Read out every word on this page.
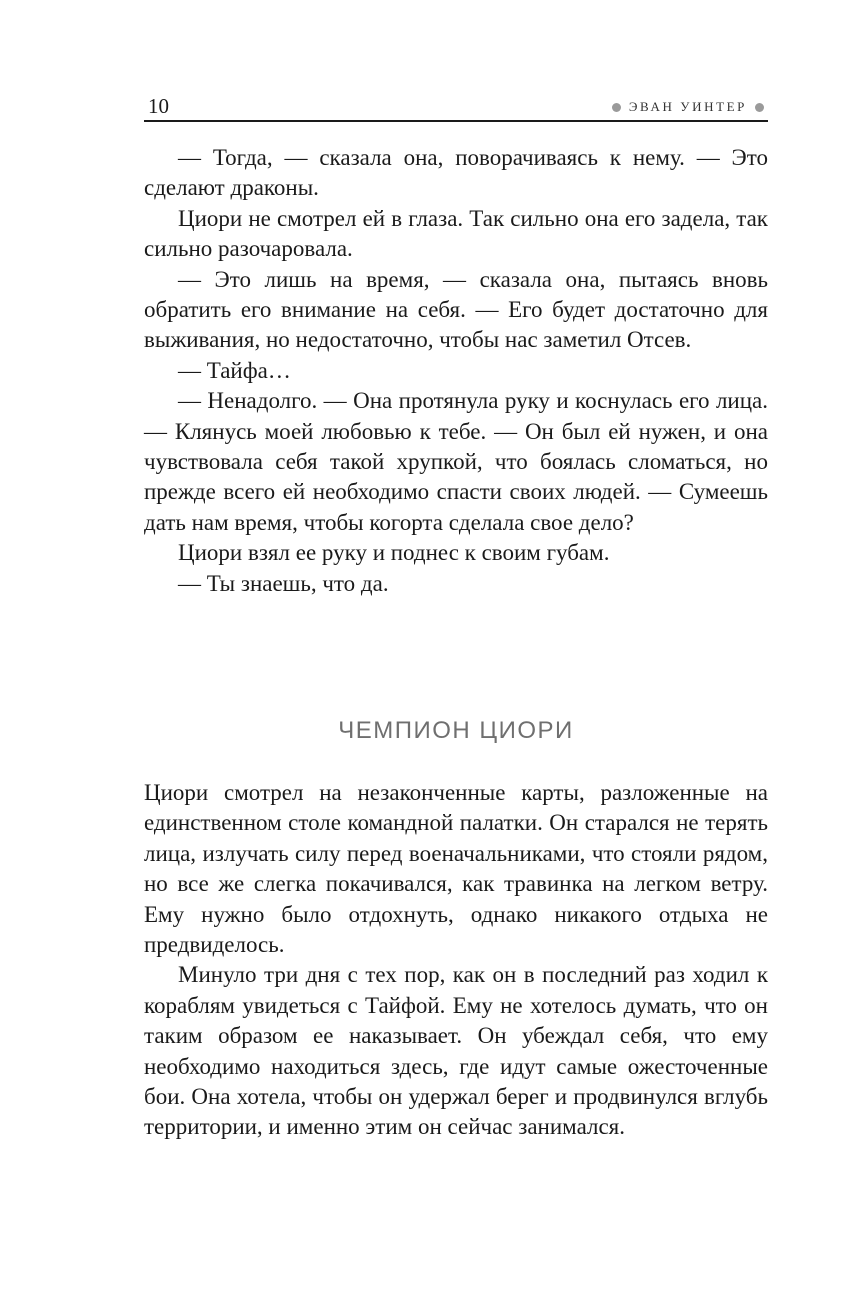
10	ЭВАН УИНТЕР

— Тогда, — сказала она, поворачиваясь к нему. — Это сделают драконы.

Циори не смотрел ей в глаза. Так сильно она его задела, так сильно разочаровала.

— Это лишь на время, — сказала она, пытаясь вновь обратить его внимание на себя. — Его будет достаточно для выживания, но недостаточно, чтобы нас заметил Отсев.

— Тайфа…

— Ненадолго. — Она протянула руку и коснулась его лица. — Клянусь моей любовью к тебе. — Он был ей нужен, и она чувствовала себя такой хрупкой, что боялась сломаться, но прежде всего ей необходимо спасти своих людей. — Сумеешь дать нам время, чтобы когорта сделала свое дело?

Циори взял ее руку и поднес к своим губам.

— Ты знаешь, что да.

ЧЕМПИОН ЦИОРИ

Циори смотрел на незаконченные карты, разложенные на единственном столе командной палатки. Он старался не терять лица, излучать силу перед военачальниками, что стояли рядом, но все же слегка покачивался, как травинка на легком ветру. Ему нужно было отдохнуть, однако никакого отдыха не предвиделось.

Минуло три дня с тех пор, как он в последний раз ходил к кораблям увидеться с Тайфой. Ему не хотелось думать, что он таким образом ее наказывает. Он убеждал себя, что ему необходимо находиться здесь, где идут самые ожесточенные бои. Она хотела, чтобы он удержал берег и продвинулся вглубь территории, и именно этим он сейчас занимался.
